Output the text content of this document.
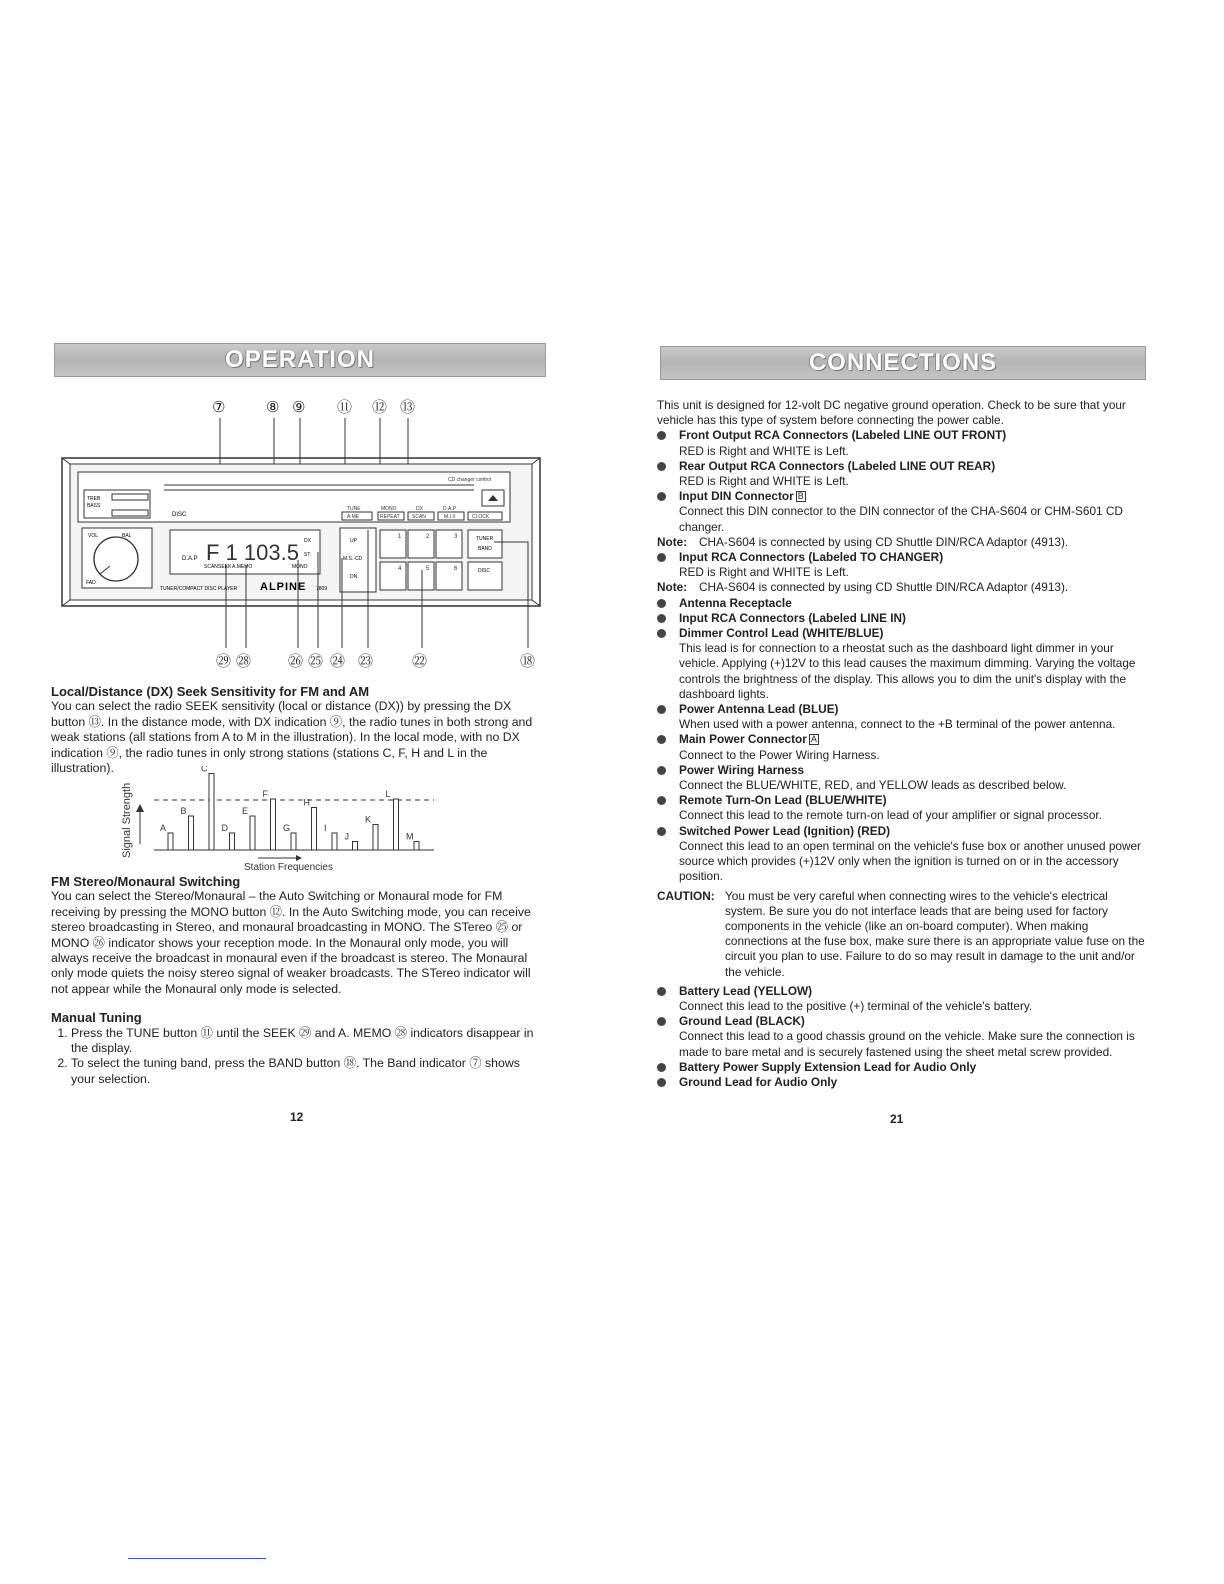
OPERATION
⑦	⑧ ⑨ ⑪ ⑫ ⑬
CD changer control
TREB
BASS
DISC
VOL
FAD
BAL
D.A.P F 1 103.5
SCAN SEEK A.MEMO	MONO
DX
ST
TUNER/COMPACT DISC PLAYER ALPINE 7809
TUNE	MONO	DX	D.A.P
A.ME	REPEAT SCAN	M.I.X	CLOCK
UP
M.S.-CD
DN
1	2	3
4	5	6
TUNER
BAND
DISC
㉙ ㉘ ㉖ ㉕ ㉔ ㉓	㉒	⑱

Local/Distance (DX) Seek Sensitivity for FM and AM

You can select the radio SEEK sensitivity (local or distance (DX)) by pressing the DX button ⑬. In the distance mode, with DX indication ⑨, the radio tunes in both strong and weak stations (all stations from A to M in the illustration). In the local mode, with no DX indication ⑨, the radio tunes in only strong stations (stations C, F, H and L in the illustration).

Signal Strength	A
B
C
D
E
F
G
H
I
J
K
L
M
Station Frequencies

FM Stereo/Monaural Switching

You can select the Stereo/Monaural – the Auto Switching or Monaural mode for FM receiving by pressing the MONO button ⑫. In the Auto Switching mode, you can receive stereo broadcasting in Stereo, and monaural broadcasting in MONO. The STereo ㉕ or MONO ㉖ indicator shows your reception mode. In the Monaural only mode, you will always receive the broadcast in monaural even if the broadcast is stereo. The Monaural only mode quiets the noisy stereo signal of weaker broadcasts. The STereo indicator will not appear while the Monaural only mode is selected.

Manual Tuning

1. Press the TUNE button ⑪ until the SEEK ㉙ and A. MEMO ㉘ indicators disappear in the display.
2. To select the tuning band, press the BAND button ⑱. The Band indicator ⑦ shows your selection.
12
CONNECTIONS

This unit is designed for 12-volt DC negative ground operation. Check to be sure that your vehicle has this type of system before connecting the power cable.

Front Output RCA Connectors (Labeled LINE OUT FRONT)
RED is Right and WHITE is Left.
Rear Output RCA Connectors (Labeled LINE OUT REAR)
RED is Right and WHITE is Left.
Input DIN Connector B
Connect this DIN connector to the DIN connector of the CHA-S604 or CHM-S601 CD changer.
Note: CHA-S604 is connected by using CD Shuttle DIN/RCA Adaptor (4913).
Input RCA Connectors (Labeled TO CHANGER)
RED is Right and WHITE is Left.
Note: CHA-S604 is connected by using CD Shuttle DIN/RCA Adaptor (4913).
Antenna Receptacle
Input RCA Connectors (Labeled LINE IN)
Dimmer Control Lead (WHITE/BLUE)
This lead is for connection to a rheostat such as the dashboard light dimmer in your vehicle. Applying (+)12V to this lead causes the maximum dimming. Varying the voltage controls the brightness of the display. This allows you to dim the unit's display with the dashboard lights.
Power Antenna Lead (BLUE)
When used with a power antenna, connect to the +B terminal of the power antenna.
Main Power Connector A
Connect to the Power Wiring Harness.
Power Wiring Harness
Connect the BLUE/WHITE, RED, and YELLOW leads as described below.
Remote Turn-On Lead (BLUE/WHITE)
Connect this lead to the remote turn-on lead of your amplifier or signal processor.
Switched Power Lead (Ignition) (RED)
Connect this lead to an open terminal on the vehicle's fuse box or another unused power source which provides (+)12V only when the ignition is turned on or in the accessory position.
CAUTION: You must be very careful when connecting wires to the vehicle's electrical system. Be sure you do not interface leads that are being used for factory components in the vehicle (like an on-board computer). When making connections at the fuse box, make sure there is an appropriate value fuse on the circuit you plan to use. Failure to do so may result in damage to the unit and/or the vehicle.
Battery Lead (YELLOW)
Connect this lead to the positive (+) terminal of the vehicle's battery.
Ground Lead (BLACK)
Connect this lead to a good chassis ground on the vehicle. Make sure the connection is made to bare metal and is securely fastened using the sheet metal screw provided.
Battery Power Supply Extension Lead for Audio Only
Ground Lead for Audio Only
21
